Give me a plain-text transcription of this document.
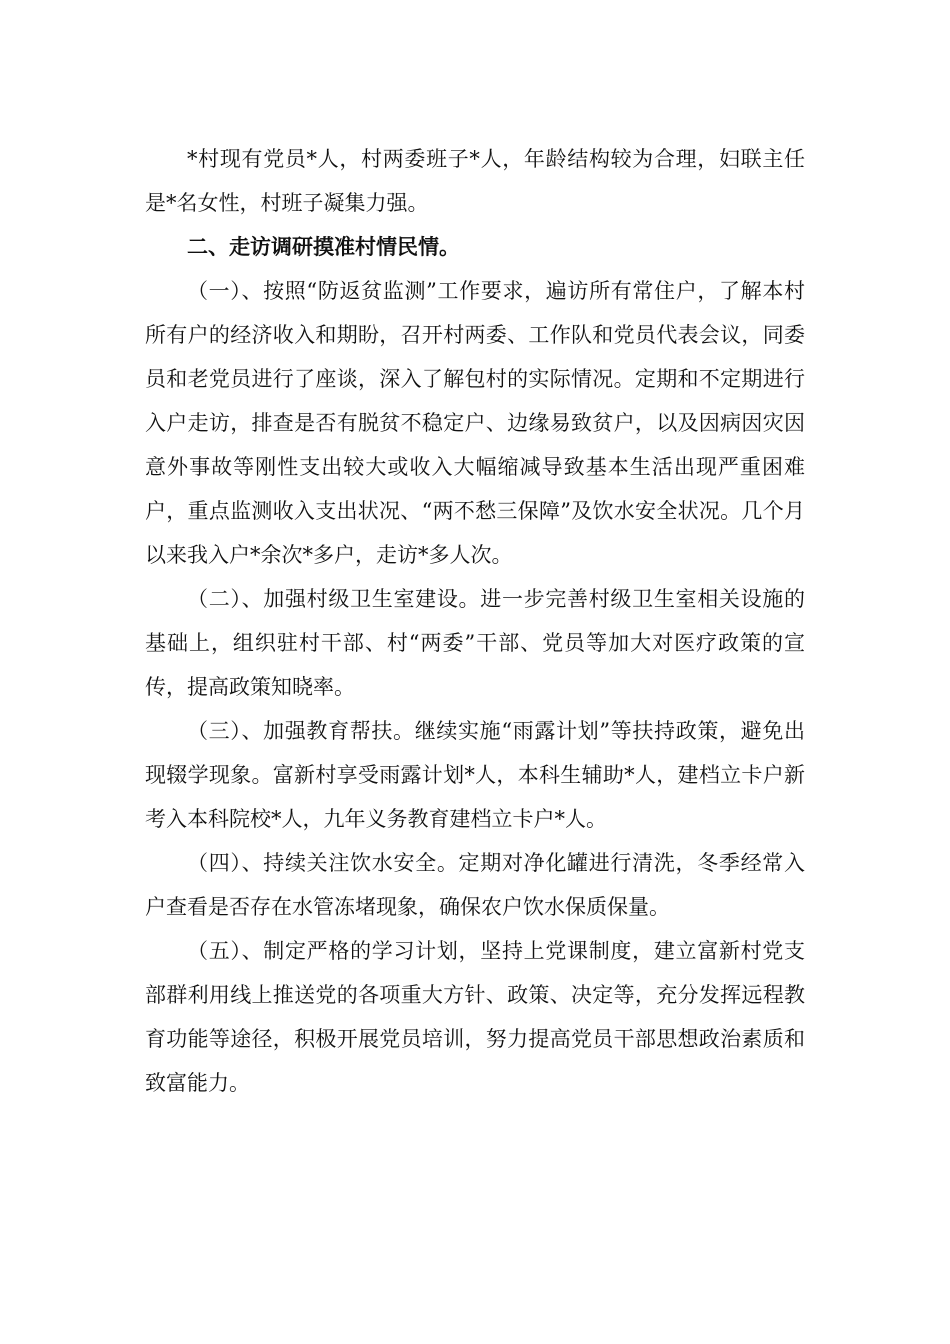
*村现有党员*人，村两委班子*人，年龄结构较为合理，妇联主任是*名女性，村班子凝集力强。

二、走访调研摸准村情民情。

（一）、按照“防返贫监测”工作要求，遍访所有常住户，了解本村所有户的经济收入和期盼，召开村两委、工作队和党员代表会议，同委员和老党员进行了座谈，深入了解包村的实际情况。定期和不定期进行入户走访，排查是否有脱贫不稳定户、边缘易致贫户，以及因病因灾因意外事故等刚性支出较大或收入大幅缩减导致基本生活出现严重困难户，重点监测收入支出状况、“两不愁三保障”及饮水安全状况。几个月以来我入户*余次*多户，走访*多人次。

（二）、加强村级卫生室建设。进一步完善村级卫生室相关设施的基础上，组织驻村干部、村“两委”干部、党员等加大对医疗政策的宣传，提高政策知晓率。

（三）、加强教育帮扶。继续实施“雨露计划”等扶持政策，避免出现辍学现象。富新村享受雨露计划*人，本科生辅助*人，建档立卡户新考入本科院校*人，九年义务教育建档立卡户*人。

（四）、持续关注饮水安全。定期对净化罐进行清洗，冬季经常入户查看是否存在水管冻堵现象，确保农户饮水保质保量。

（五）、制定严格的学习计划，坚持上党课制度，建立富新村党支部群利用线上推送党的各项重大方针、政策、决定等，充分发挥远程教育功能等途径，积极开展党员培训，努力提高党员干部思想政治素质和致富能力。
